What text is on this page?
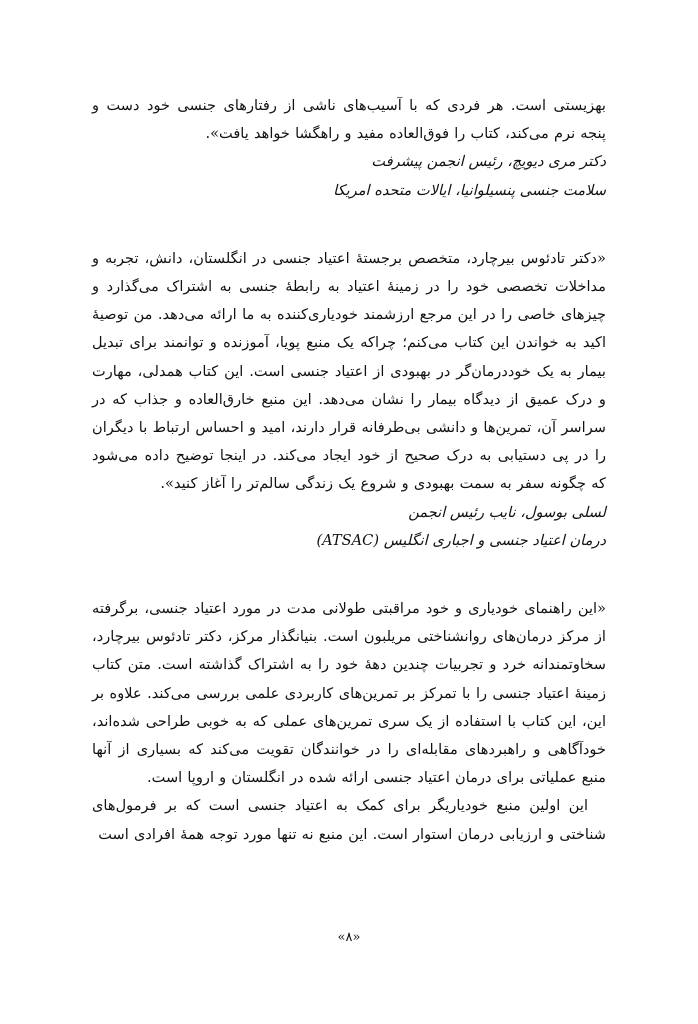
بهزیستی است. هر فردی که با آسیب‌های ناشی از رفتارهای جنسی خود دست و پنجه نرم می‌کند، کتاب را فوق‌العاده مفید و راهگشا خواهد یافت».

دکتر مری دیویچ، رئیس انجمن پیشرفت
سلامت جنسی پنسیلوانیا، ایالات متحده امریکا

«دکتر تادئوس بیرچارد، متخصص برجستهٔ اعتیاد جنسی در انگلستان، دانش، تجربه و مداخلات تخصصی خود را در زمینهٔ اعتیاد به رابطهٔ جنسی به اشتراک می‌گذارد و چیزهای خاصی را در این مرجع ارزشمند خودیاری‌کننده به ما ارائه می‌دهد. من توصیهٔ اکید به خواندن این کتاب می‌کنم؛ چراکه یک منبع پویا، آموزنده و توانمند برای تبدیل بیمار به یک خوددرمان‌گر در بهبودی از اعتیاد جنسی است. این کتاب همدلی، مهارت و درک عمیق از دیدگاه بیمار را نشان می‌دهد. این منبع خارق‌العاده و جذاب که در سراسر آن، تمرین‌ها و دانشی بی‌طرفانه قرار دارند، امید و احساس ارتباط با دیگران را در پی دستیابی به درک صحیح از خود ایجاد می‌کند. در اینجا توضیح داده می‌شود که چگونه سفر به سمت بهبودی و شروع یک زندگی سالم‌تر را آغاز کنید».

لسلی بوسول، نایب رئیس انجمن
درمان اعتیاد جنسی و اجباری انگلیس (ATSAC)

«این راهنمای خودیاری و خود مراقبتی طولانی مدت در مورد اعتیاد جنسی، برگرفته از مرکز درمان‌های روانشناختی مریلبون است. بنیانگذار مرکز، دکتر تادئوس بیرچارد، سخاوتمندانه خرد و تجربیات چندین دههٔ خود را به اشتراک گذاشته است. متن کتاب زمینهٔ اعتیاد جنسی را با تمرکز بر تمرین‌های کاربردی علمی بررسی می‌کند. علاوه بر این، این کتاب با استفاده از یک سری تمرین‌های عملی که به خوبی طراحی شده‌اند، خودآگاهی و راهبردهای مقابله‌ای را در خوانندگان تقویت می‌کند که بسیاری از آنها منبع عملیاتی برای درمان اعتیاد جنسی ارائه شده در انگلستان و اروپا است.

این اولین منبع خودیاریگر برای کمک به اعتیاد جنسی است که بر فرمول‌های شناختی و ارزیابی درمان استوار است. این منبع نه تنها مورد توجه همهٔ افرادی است

«۸»
